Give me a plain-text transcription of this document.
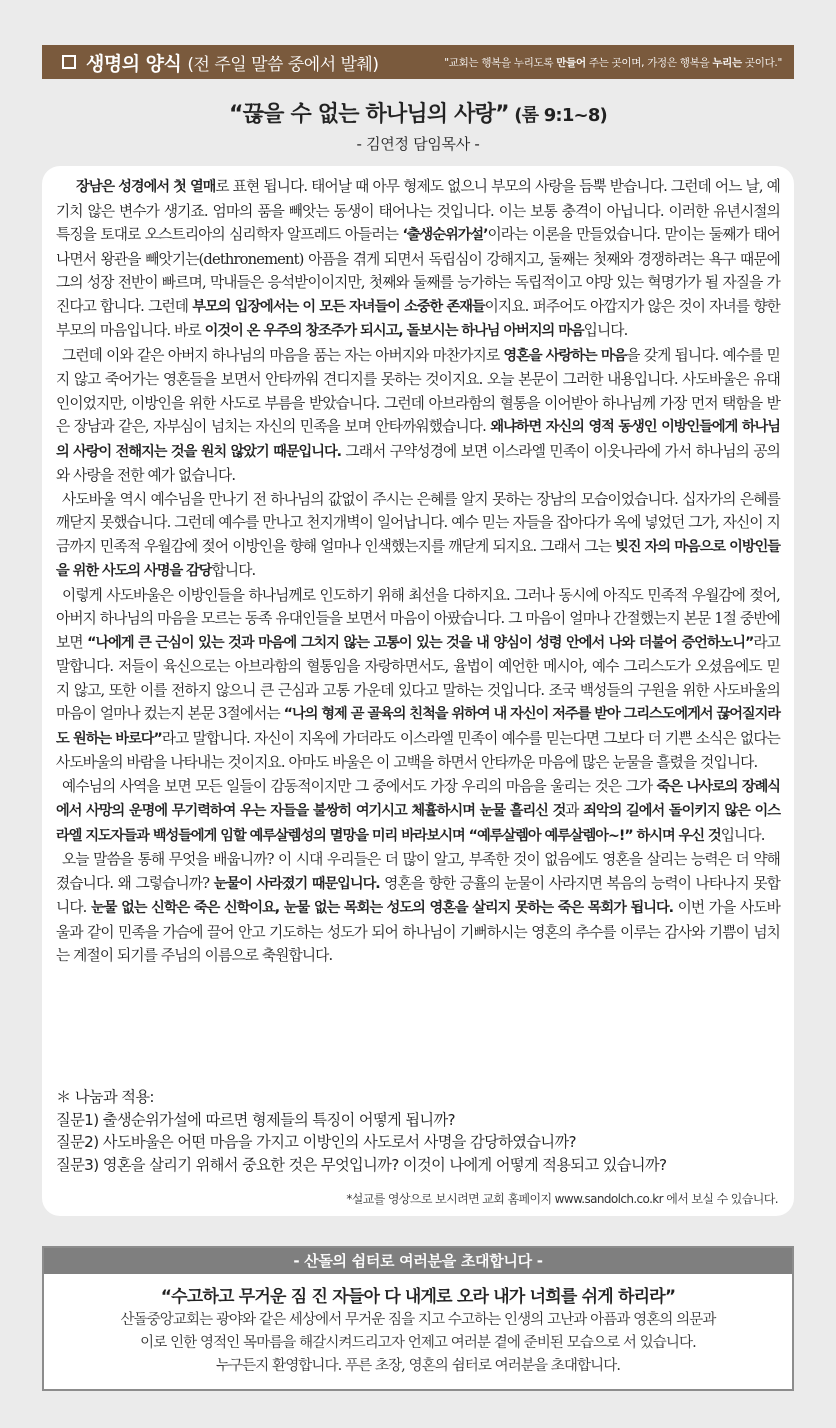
생명의 양식 (전 주일 말씀 중에서 발췌)	"교회는 행복을 누리도록 만들어 주는 곳이며, 가정은 행복을 누리는 곳이다."
“끊을 수 없는 하나님의 사랑” (롬 9:1~8)
- 김연정 담임목사 -

장남은 성경에서 첫 열매로 표현 됩니다. 태어날 때 아무 형제도 없으니 부모의 사랑을 듬뿍 받습니다. 그런데 어느 날, 예기치 않은 변수가 생기죠. 엄마의 품을 빼앗는 동생이 태어나는 것입니다. 이는 보통 충격이 아닙니다. 이러한 유년시절의 특징을 토대로 오스트리아의 심리학자 알프레드 아들러는 ‘출생순위가설’이라는 이론을 만들었습니다. 맏이는 둘째가 태어나면서 왕관을 빼앗기는(dethronement) 아픔을 겪게 되면서 독립심이 강해지고, 둘째는 첫째와 경쟁하려는 욕구 때문에 그의 성장 전반이 빠르며, 막내들은 응석받이이지만, 첫째와 둘째를 능가하는 독립적이고 야망 있는 혁명가가 될 자질을 가진다고 합니다. 그런데 부모의 입장에서는 이 모든 자녀들이 소중한 존재들이지요. 퍼주어도 아깝지가 않은 것이 자녀를 향한 부모의 마음입니다. 바로 이것이 온 우주의 창조주가 되시고, 돌보시는 하나님 아버지의 마음입니다.

그런데 이와 같은 아버지 하나님의 마음을 품는 자는 아버지와 마찬가지로 영혼을 사랑하는 마음을 갖게 됩니다. 예수를 믿지 않고 죽어가는 영혼들을 보면서 안타까워 견디지를 못하는 것이지요. 오늘 본문이 그러한 내용입니다. 사도바울은 유대인이었지만, 이방인을 위한 사도로 부름을 받았습니다. 그런데 아브라함의 혈통을 이어받아 하나님께 가장 먼저 택함을 받은 장남과 같은, 자부심이 넘치는 자신의 민족을 보며 안타까워했습니다. 왜냐하면 자신의 영적 동생인 이방인들에게 하나님의 사랑이 전해지는 것을 원치 않았기 때문입니다. 그래서 구약성경에 보면 이스라엘 민족이 이웃나라에 가서 하나님의 공의와 사랑을 전한 예가 없습니다.

사도바울 역시 예수님을 만나기 전 하나님의 값없이 주시는 은혜를 알지 못하는 장남의 모습이었습니다. 십자가의 은혜를 깨닫지 못했습니다. 그런데 예수를 만나고 천지개벽이 일어납니다. 예수 믿는 자들을 잡아다가 옥에 넣었던 그가, 자신이 지금까지 민족적 우월감에 젖어 이방인을 향해 얼마나 인색했는지를 깨닫게 되지요. 그래서 그는 빚진 자의 마음으로 이방인들을 위한 사도의 사명을 감당합니다.

이렇게 사도바울은 이방인들을 하나님께로 인도하기 위해 최선을 다하지요. 그러나 동시에 아직도 민족적 우월감에 젖어, 아버지 하나님의 마음을 모르는 동족 유대인들을 보면서 마음이 아팠습니다. 그 마음이 얼마나 간절했는지 본문 1절 중반에 보면 “나에게 큰 근심이 있는 것과 마음에 그치지 않는 고통이 있는 것을 내 양심이 성령 안에서 나와 더불어 증언하노니”라고 말합니다. 저들이 육신으로는 아브라함의 혈통임을 자랑하면서도, 율법이 예언한 메시아, 예수 그리스도가 오셨음에도 믿지 않고, 또한 이를 전하지 않으니 큰 근심과 고통 가운데 있다고 말하는 것입니다. 조국 백성들의 구원을 위한 사도바울의 마음이 얼마나 컸는지 본문 3절에서는 “나의 형제 곧 골육의 친척을 위하여 내 자신이 저주를 받아 그리스도에게서 끊어질지라도 원하는 바로다”라고 말합니다. 자신이 지옥에 가더라도 이스라엘 민족이 예수를 믿는다면 그보다 더 기쁜 소식은 없다는 사도바울의 바람을 나타내는 것이지요. 아마도 바울은 이 고백을 하면서 안타까운 마음에 많은 눈물을 흘렸을 것입니다.

예수님의 사역을 보면 모든 일들이 감동적이지만 그 중에서도 가장 우리의 마음을 울리는 것은 그가 죽은 나사로의 장례식에서 사망의 운명에 무기력하여 우는 자들을 불쌍히 여기시고 체휼하시며 눈물 흘리신 것과 죄악의 길에서 돌이키지 않은 이스라엘 지도자들과 백성들에게 임할 예루살렘성의 멸망을 미리 바라보시며 “예루살렘아 예루살렘아~!” 하시며 우신 것입니다.

오늘 말씀을 통해 무엇을 배웁니까? 이 시대 우리들은 더 많이 알고, 부족한 것이 없음에도 영혼을 살리는 능력은 더 약해졌습니다. 왜 그렇습니까? 눈물이 사라졌기 때문입니다. 영혼을 향한 긍휼의 눈물이 사라지면 복음의 능력이 나타나지 못합니다. 눈물 없는 신학은 죽은 신학이요, 눈물 없는 목회는 성도의 영혼을 살리지 못하는 죽은 목회가 됩니다. 이번 가을 사도바울과 같이 민족을 가슴에 끌어 안고 기도하는 성도가 되어 하나님이 기뻐하시는 영혼의 추수를 이루는 감사와 기쁨이 넘치는 계절이 되기를 주님의 이름으로 축원합니다.

＊ 나눔과 적용:
질문1) 출생순위가설에 따르면 형제들의 특징이 어떻게 됩니까?
질문2) 사도바울은 어떤 마음을 가지고 이방인의 사도로서 사명을 감당하였습니까?
질문3) 영혼을 살리기 위해서 중요한 것은 무엇입니까? 이것이 나에게 어떻게 적용되고 있습니까?
*설교를 영상으로 보시려면 교회 홈페이지 www.sandolch.co.kr 에서 보실 수 있습니다.
- 산돌의 쉼터로 여러분을 초대합니다 -
“수고하고 무거운 짐 진 자들아 다 내게로 오라 내가 너희를 쉬게 하리라”
산돌중앙교회는 광야와 같은 세상에서 무거운 짐을 지고 수고하는 인생의 고난과 아픔과 영혼의 의문과
이로 인한 영적인 목마름을 해갈시켜드리고자 언제고 여러분 곁에 준비된 모습으로 서 있습니다.
누구든지 환영합니다. 푸른 초장, 영혼의 쉼터로 여러분을 초대합니다.
